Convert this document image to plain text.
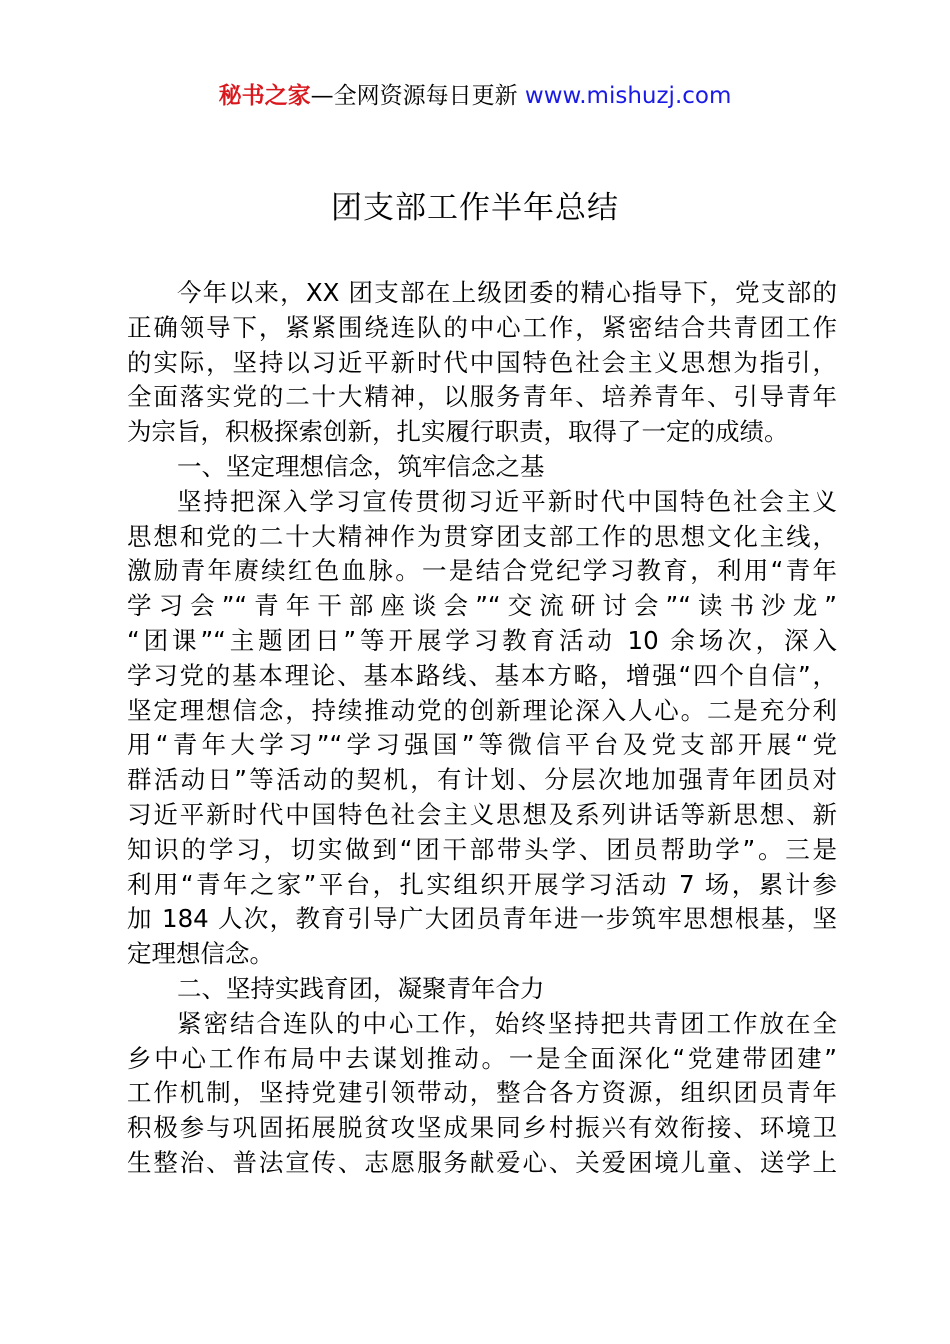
秘书之家—全网资源每日更新 www.mishuzj.com
团支部工作半年总结
今年以来，XX 团支部在上级团委的精心指导下，党支部的
正确领导下，紧紧围绕连队的中心工作，紧密结合共青团工作
的实际，坚持以习近平新时代中国特色社会主义思想为指引，
全面落实党的二十大精神，以服务青年、培养青年、引导青年
为宗旨，积极探索创新，扎实履行职责，取得了一定的成绩。
一、坚定理想信念，筑牢信念之基
坚持把深入学习宣传贯彻习近平新时代中国特色社会主义
思想和党的二十大精神作为贯穿团支部工作的思想文化主线，
激励青年赓续红色血脉。一是结合党纪学习教育，利用“青年
学习会”“青年干部座谈会”“交流研讨会”“读书沙龙”
“团课”“主题团日”等开展学习教育活动 10 余场次，深入
学习党的基本理论、基本路线、基本方略，增强“四个自信”，
坚定理想信念，持续推动党的创新理论深入人心。二是充分利
用“青年大学习”“学习强国”等微信平台及党支部开展“党
群活动日”等活动的契机，有计划、分层次地加强青年团员对
习近平新时代中国特色社会主义思想及系列讲话等新思想、新
知识的学习，切实做到“团干部带头学、团员帮助学”。三是
利用“青年之家”平台，扎实组织开展学习活动 7 场，累计参
加 184 人次，教育引导广大团员青年进一步筑牢思想根基，坚
定理想信念。
二、坚持实践育团，凝聚青年合力
紧密结合连队的中心工作，始终坚持把共青团工作放在全
乡中心工作布局中去谋划推动。一是全面深化“党建带团建”
工作机制，坚持党建引领带动，整合各方资源，组织团员青年
积极参与巩固拓展脱贫攻坚成果同乡村振兴有效衔接、环境卫
生整治、普法宣传、志愿服务献爱心、关爱困境儿童、送学上
